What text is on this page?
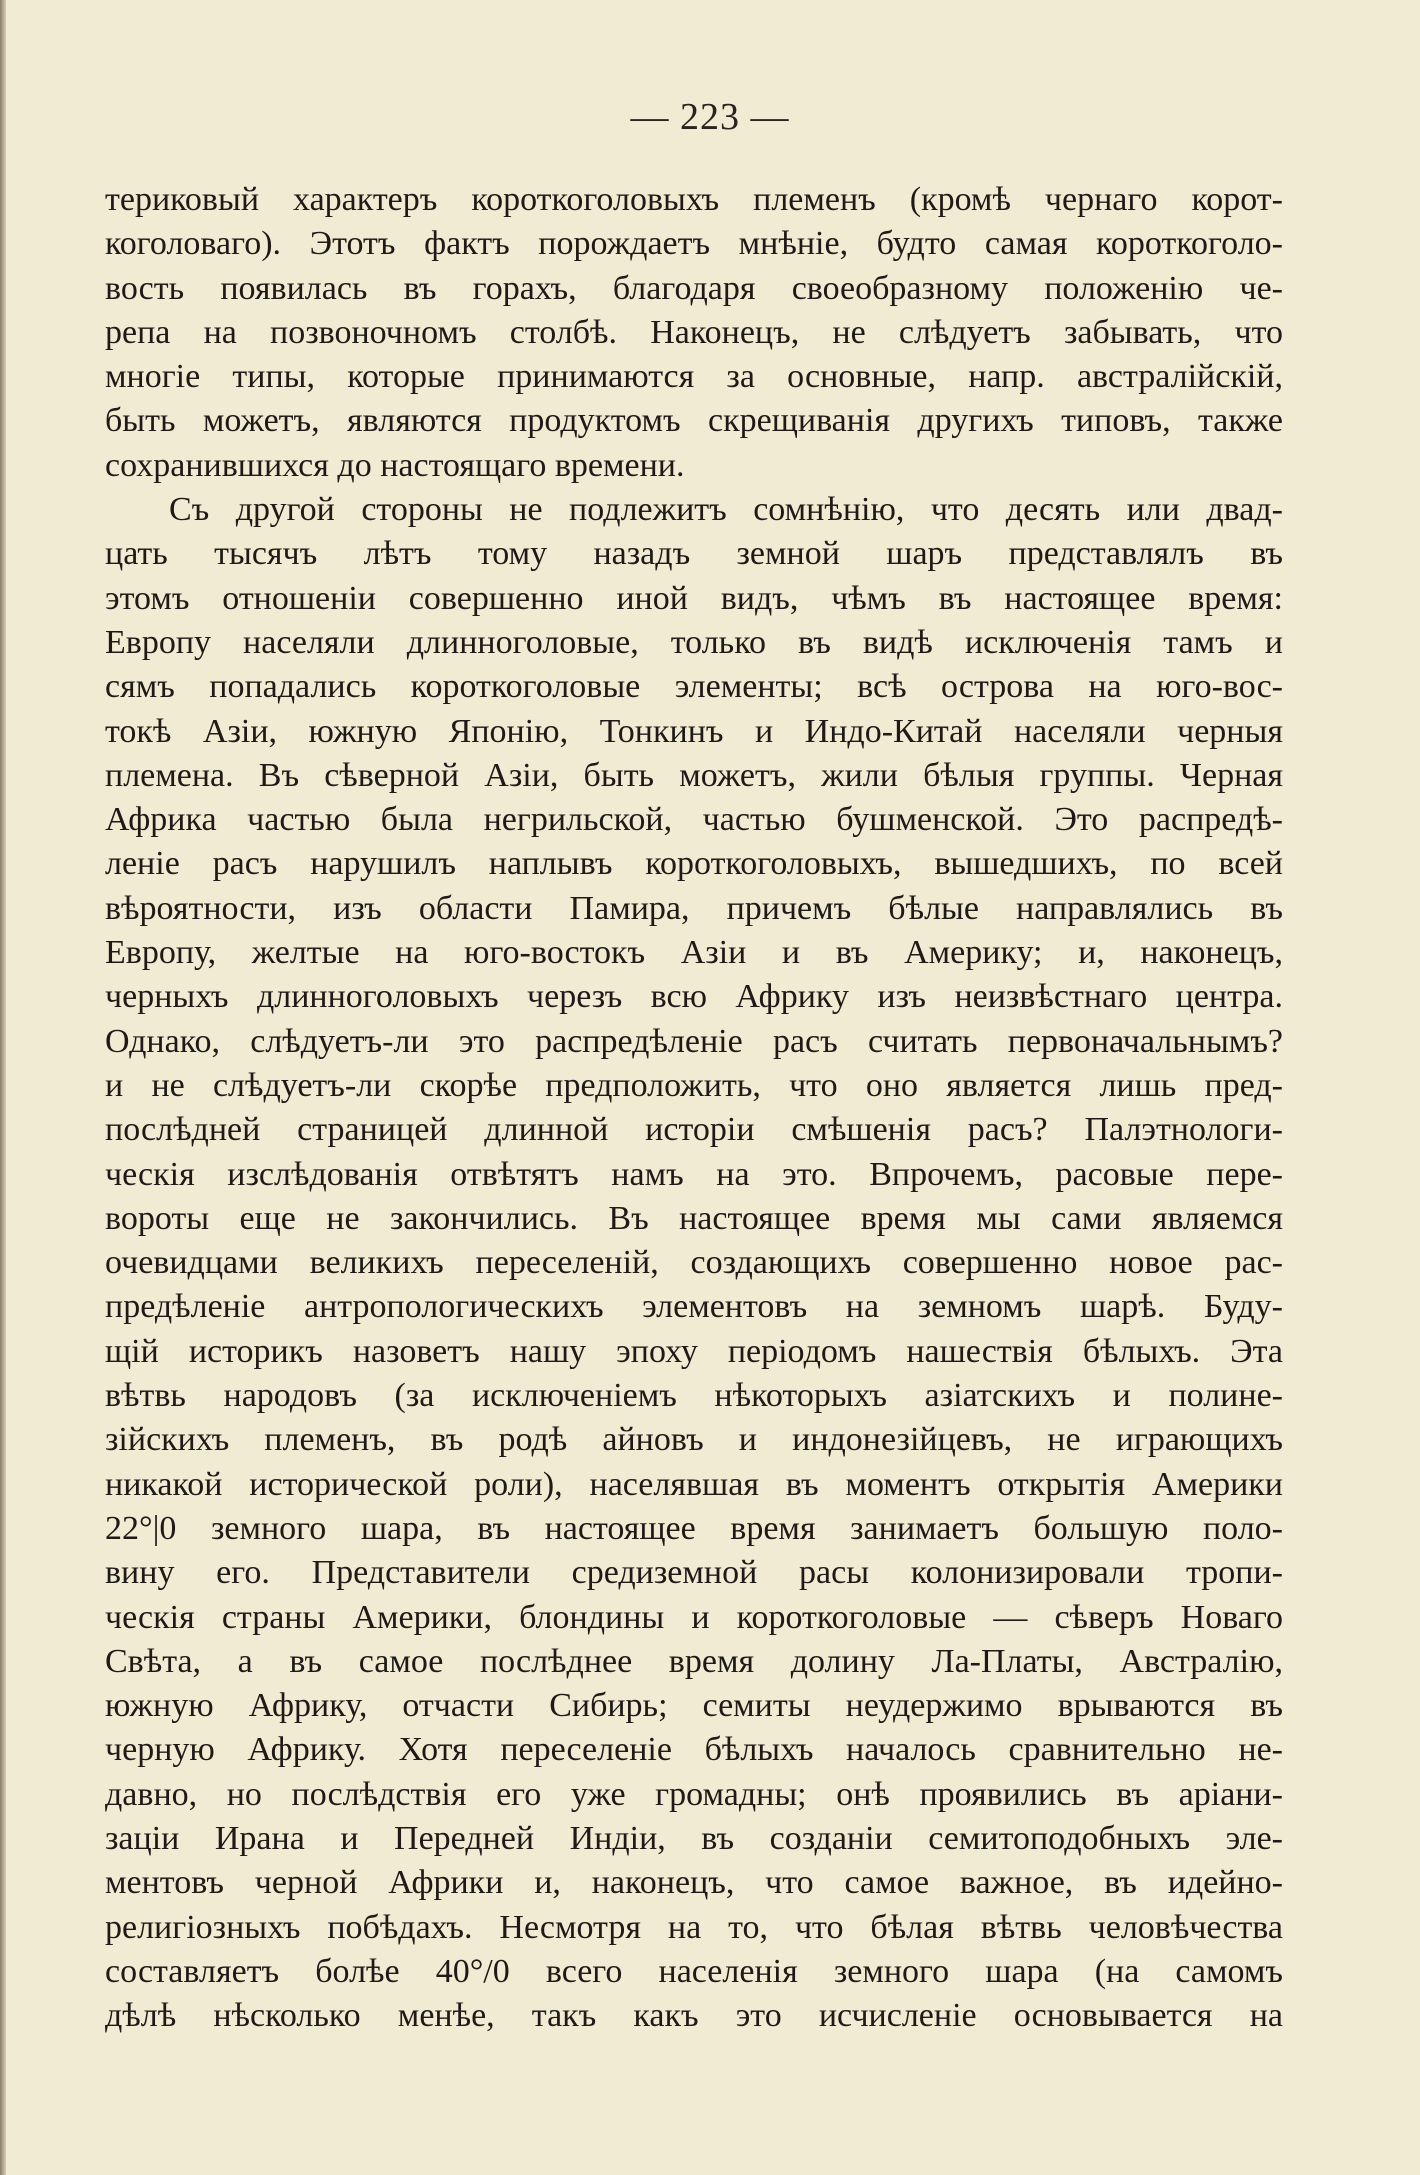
— 223 —
териковый характеръ короткоголовыхъ племенъ (кромѣ чернаго корот-
коголоваго). Этотъ фактъ порождаетъ мнѣніе, будто самая короткоголо-
вость появилась въ горахъ, благодаря своеобразному положенію че-
репа на позвоночномъ столбѣ. Наконецъ, не слѣдуетъ забывать, что
многіе типы, которые принимаются за основные, напр. австралійскій,
быть можетъ, являются продуктомъ скрещиванія другихъ типовъ, также
сохранившихся до настоящаго времени.
Съ другой стороны не подлежитъ сомнѣнію, что десять или двад-
цать тысячъ лѣтъ тому назадъ земной шаръ представлялъ въ
этомъ отношеніи совершенно иной видъ, чѣмъ въ настоящее время:
Европу населяли длинноголовые, только въ видѣ исключенія тамъ и
сямъ попадались короткоголовые элементы; всѣ острова на юго-вос-
токѣ Азіи, южную Японію, Тонкинъ и Индо-Китай населяли черныя
племена. Въ сѣверной Азіи, быть можетъ, жили бѣлыя группы. Черная
Африка частью была негрильской, частью бушменской. Это распредѣ-
леніе расъ нарушилъ наплывъ короткоголовыхъ, вышедшихъ, по всей
вѣроятности, изъ области Памира, причемъ бѣлые направлялись въ
Европу, желтые на юго-востокъ Азіи и въ Америку; и, наконецъ,
черныхъ длинноголовыхъ черезъ всю Африку изъ неизвѣстнаго центра.
Однако, слѣдуетъ-ли это распредѣленіе расъ считать первоначальнымъ?
и не слѣдуетъ-ли скорѣе предположить, что оно является лишь пред-
послѣдней страницей длинной исторіи смѣшенія расъ? Палэтнологи-
ческія изслѣдованія отвѣтятъ намъ на это. Впрочемъ, расовые пере-
вороты еще не закончились. Въ настоящее время мы сами являемся
очевидцами великихъ переселеній, создающихъ совершенно новое рас-
предѣленіе антропологическихъ элементовъ на земномъ шарѣ. Буду-
щій историкъ назоветъ нашу эпоху періодомъ нашествія бѣлыхъ. Эта
вѣтвь народовъ (за исключеніемъ нѣкоторыхъ азіатскихъ и полине-
зійскихъ племенъ, въ родѣ айновъ и индонезійцевъ, не играющихъ
никакой исторической роли), населявшая въ моментъ открытія Америки
22°|0 земного шара, въ настоящее время занимаетъ большую поло-
вину его. Представители средиземной расы колонизировали тропи-
ческія страны Америки, блондины и короткоголовые — сѣверъ Новаго
Свѣта, а въ самое послѣднее время долину Ла-Платы, Австралію,
южную Африку, отчасти Сибирь; семиты неудержимо врываются въ
черную Африку. Хотя переселеніе бѣлыхъ началось сравнительно не-
давно, но послѣдствія его уже громадны; онѣ проявились въ аріани-
заціи Ирана и Передней Индіи, въ созданіи семитоподобныхъ эле-
ментовъ черной Африки и, наконецъ, что самое важное, въ идейно-
религіозныхъ побѣдахъ. Несмотря на то, что бѣлая вѣтвь человѣчества
составляетъ болѣе 40°/0 всего населенія земного шара (на самомъ
дѣлѣ нѣсколько менѣе, такъ какъ это исчисленіе основывается на
